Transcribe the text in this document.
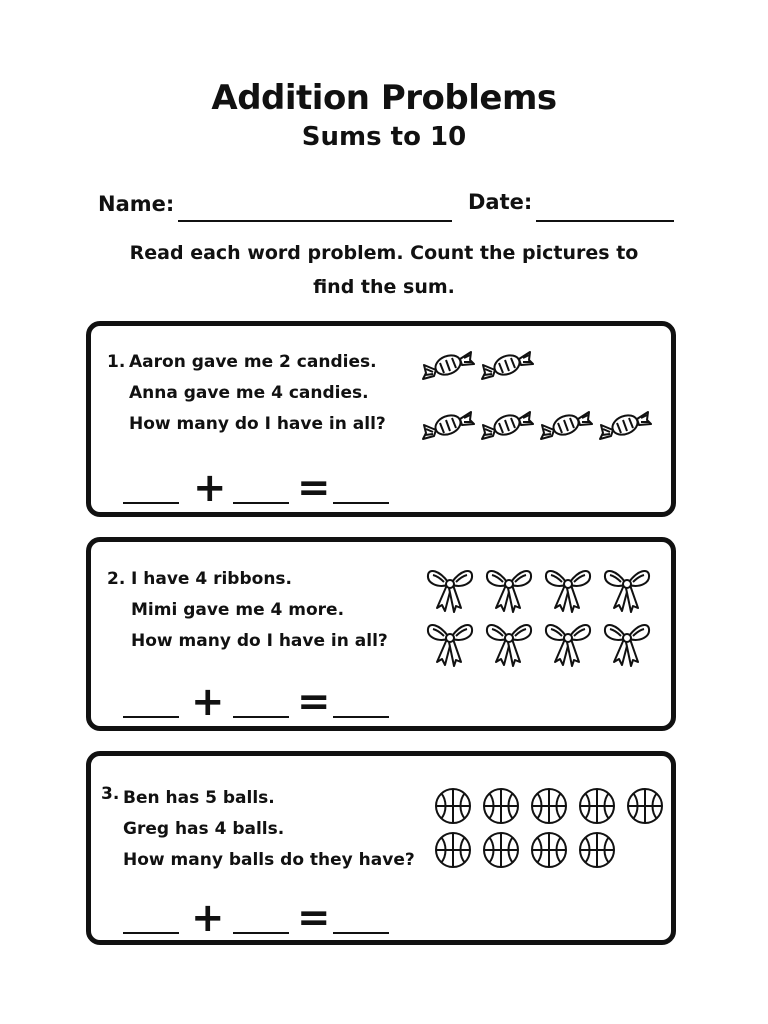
Addition Problems
Sums to 10
Name:	Date:
Read each word problem. Count the pictures to find the sum.
1. Aaron gave me 2 candies.
Anna gave me 4 candies.
How many do I have in all?
+ =
2. I have 4 ribbons.
Mimi gave me 4 more.
How many do I have in all?
+ =
3. Ben has 5 balls.
Greg has 4 balls.
How many balls do they have?
+ =
